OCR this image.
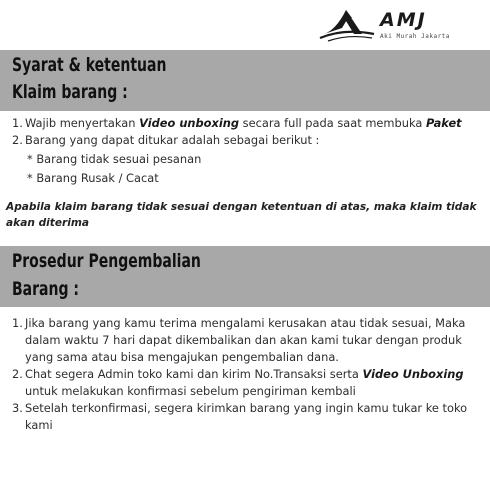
AMJ
Aki Murah Jakarta
Syarat & ketentuan
Klaim barang :
1. Wajib menyertakan Video unboxing secara full pada saat membuka Paket
2. Barang yang dapat ditukar adalah sebagai berikut :
* Barang tidak sesuai pesanan
* Barang Rusak / Cacat
Apabila klaim barang tidak sesuai dengan ketentuan di atas, maka klaim tidak akan diterima
Prosedur Pengembalian
Barang :
1. Jika barang yang kamu terima mengalami kerusakan atau tidak sesuai, Maka dalam waktu 7 hari dapat dikembalikan dan akan kami tukar dengan produk yang sama atau bisa mengajukan pengembalian dana.
2. Chat segera Admin toko kami dan kirim No.Transaksi serta Video Unboxing untuk melakukan konfirmasi sebelum pengiriman kembali
3. Setelah terkonfirmasi, segera kirimkan barang yang ingin kamu tukar ke toko kami
